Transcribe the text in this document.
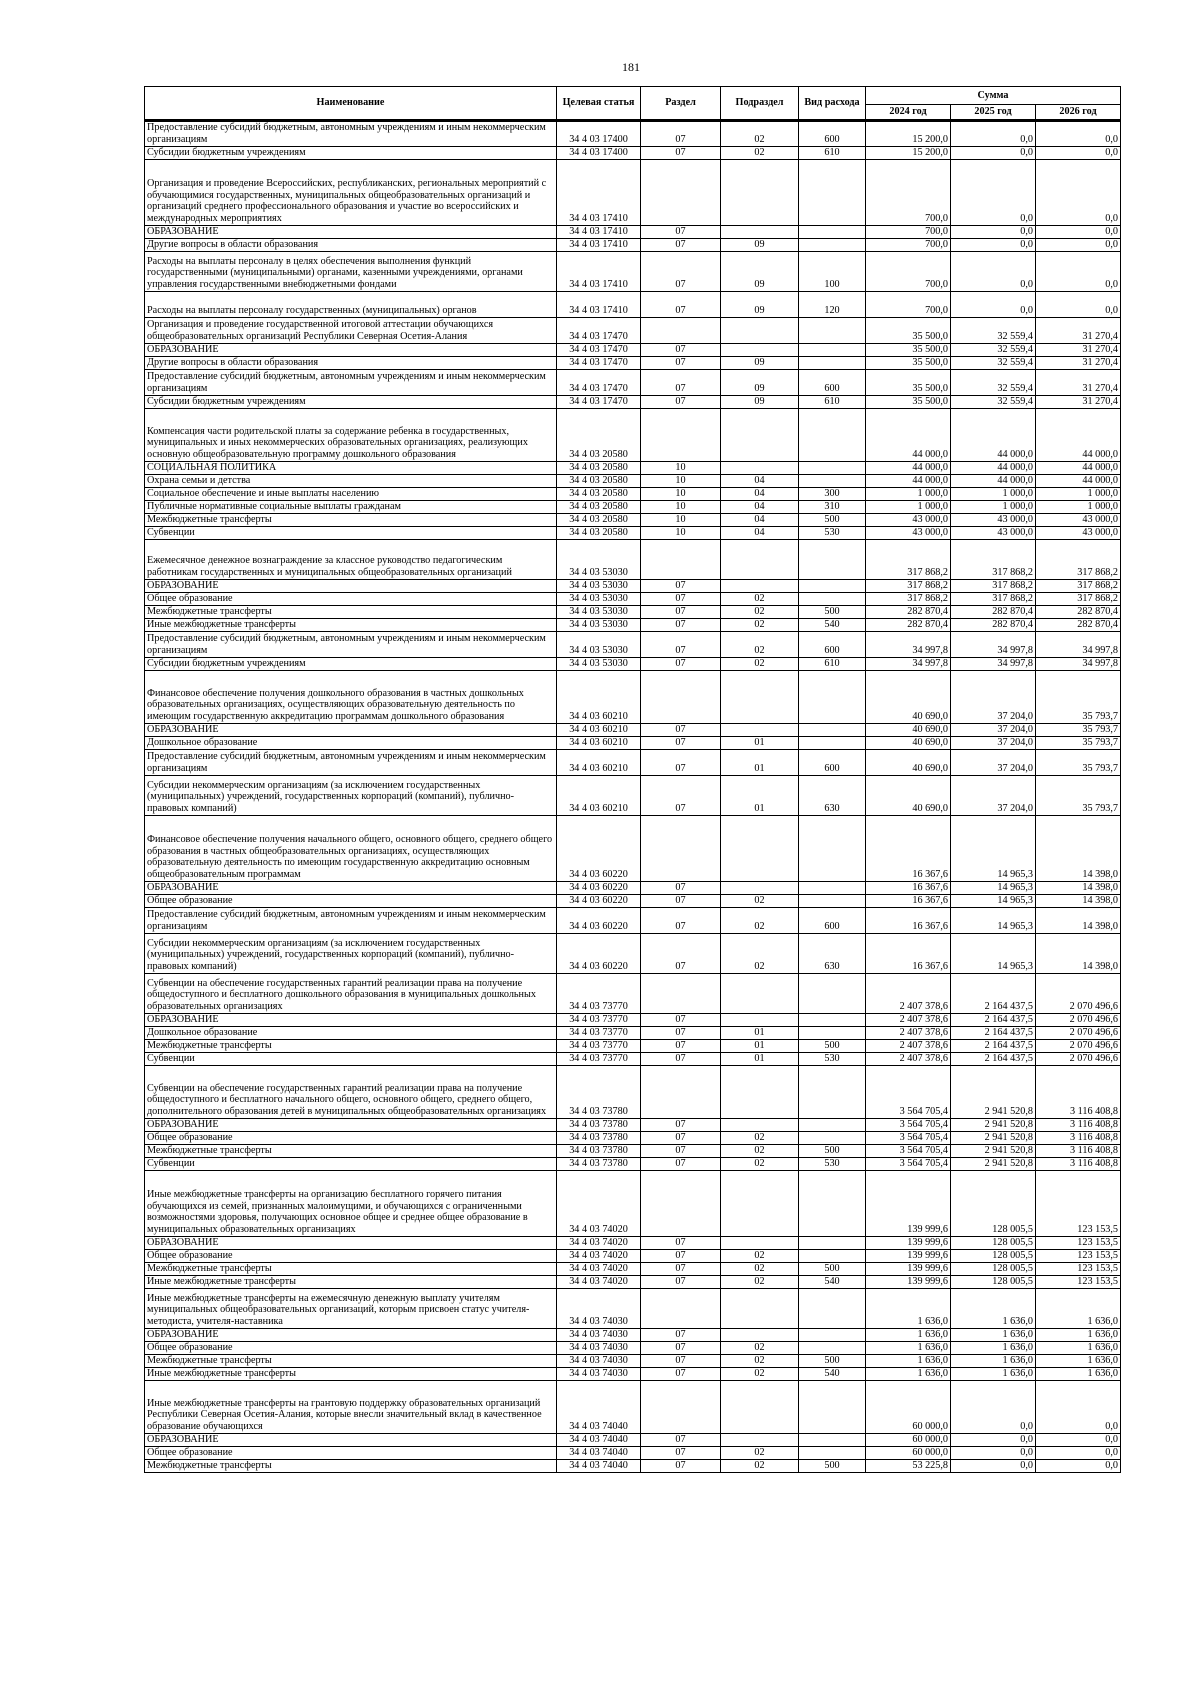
181
Наименование	Целевая статья	Раздел	Подраздел	Вид расхода	Сумма		
					2024 год	2025 год	2026 год
Предоставление субсидий бюджетным, автономным учреждениям и иным некоммерческим организациям	34 4 03 17400	07	02	600	15 200,0	0,0	0,0
Субсидии бюджетным учреждениям	34 4 03 17400	07	02	610	15 200,0	0,0	0,0
Организация и проведение Всероссийских, республиканских, региональных мероприятий с обучающимися государственных, муниципальных общеобразовательных организаций и организаций среднего профессионального образования и участие во всероссийских и международных мероприятиях	34 4 03 17410				700,0	0,0	0,0
ОБРАЗОВАНИЕ	34 4 03 17410	07			700,0	0,0	0,0
Другие вопросы в области образования	34 4 03 17410	07	09		700,0	0,0	0,0
Расходы на выплаты персоналу в целях обеспечения выполнения функций государственными (муниципальными) органами, казенными учреждениями, органами управления государственными внебюджетными фондами	34 4 03 17410	07	09	100	700,0	0,0	0,0
Расходы на выплаты персоналу государственных (муниципальных) органов	34 4 03 17410	07	09	120	700,0	0,0	0,0
Организация и проведение государственной итоговой аттестации обучающихся общеобразовательных организаций Республики Северная Осетия-Алания	34 4 03 17470				35 500,0	32 559,4	31 270,4
ОБРАЗОВАНИЕ	34 4 03 17470	07			35 500,0	32 559,4	31 270,4
Другие вопросы в области образования	34 4 03 17470	07	09		35 500,0	32 559,4	31 270,4
Предоставление субсидий бюджетным, автономным учреждениям и иным некоммерческим организациям	34 4 03 17470	07	09	600	35 500,0	32 559,4	31 270,4
Субсидии бюджетным учреждениям	34 4 03 17470	07	09	610	35 500,0	32 559,4	31 270,4
Компенсация части родительской платы за содержание ребенка в государственных, муниципальных и иных некоммерческих образовательных организациях, реализующих основную общеобразовательную программу дошкольного образования	34 4 03 20580				44 000,0	44 000,0	44 000,0
СОЦИАЛЬНАЯ ПОЛИТИКА	34 4 03 20580	10			44 000,0	44 000,0	44 000,0
Охрана семьи и детства	34 4 03 20580	10	04		44 000,0	44 000,0	44 000,0
Социальное обеспечение и иные выплаты населению	34 4 03 20580	10	04	300	1 000,0	1 000,0	1 000,0
Публичные нормативные социальные выплаты гражданам	34 4 03 20580	10	04	310	1 000,0	1 000,0	1 000,0
Межбюджетные трансферты	34 4 03 20580	10	04	500	43 000,0	43 000,0	43 000,0
Субвенции	34 4 03 20580	10	04	530	43 000,0	43 000,0	43 000,0
Ежемесячное денежное вознаграждение за классное руководство педагогическим работникам государственных и муниципальных общеобразовательных организаций	34 4 03 53030				317 868,2	317 868,2	317 868,2
ОБРАЗОВАНИЕ	34 4 03 53030	07			317 868,2	317 868,2	317 868,2
Общее образование	34 4 03 53030	07	02		317 868,2	317 868,2	317 868,2
Межбюджетные трансферты	34 4 03 53030	07	02	500	282 870,4	282 870,4	282 870,4
Иные межбюджетные трансферты	34 4 03 53030	07	02	540	282 870,4	282 870,4	282 870,4
Предоставление субсидий бюджетным, автономным учреждениям и иным некоммерческим организациям	34 4 03 53030	07	02	600	34 997,8	34 997,8	34 997,8
Субсидии бюджетным учреждениям	34 4 03 53030	07	02	610	34 997,8	34 997,8	34 997,8
Финансовое обеспечение получения дошкольного образования в частных дошкольных образовательных организациях, осуществляющих образовательную деятельность по имеющим государственную аккредитацию программам дошкольного образования	34 4 03 60210				40 690,0	37 204,0	35 793,7
ОБРАЗОВАНИЕ	34 4 03 60210	07			40 690,0	37 204,0	35 793,7
Дошкольное образование	34 4 03 60210	07	01		40 690,0	37 204,0	35 793,7
Предоставление субсидий бюджетным, автономным учреждениям и иным некоммерческим организациям	34 4 03 60210	07	01	600	40 690,0	37 204,0	35 793,7
Субсидии некоммерческим организациям (за исключением государственных (муниципальных) учреждений, государственных корпораций (компаний), публично-правовых компаний)	34 4 03 60210	07	01	630	40 690,0	37 204,0	35 793,7
Финансовое обеспечение получения начального общего, основного общего, среднего общего образования в частных общеобразовательных организациях, осуществляющих образовательную деятельность по имеющим государственную аккредитацию основным общеобразовательным программам	34 4 03 60220				16 367,6	14 965,3	14 398,0
ОБРАЗОВАНИЕ	34 4 03 60220	07			16 367,6	14 965,3	14 398,0
Общее образование	34 4 03 60220	07	02		16 367,6	14 965,3	14 398,0
Предоставление субсидий бюджетным, автономным учреждениям и иным некоммерческим организациям	34 4 03 60220	07	02	600	16 367,6	14 965,3	14 398,0
Субсидии некоммерческим организациям (за исключением государственных (муниципальных) учреждений, государственных корпораций (компаний), публично-правовых компаний)	34 4 03 60220	07	02	630	16 367,6	14 965,3	14 398,0
Субвенции на обеспечение государственных гарантий реализации права на получение общедоступного и бесплатного дошкольного образования в муниципальных дошкольных образовательных организациях	34 4 03 73770				2 407 378,6	2 164 437,5	2 070 496,6
ОБРАЗОВАНИЕ	34 4 03 73770	07			2 407 378,6	2 164 437,5	2 070 496,6
Дошкольное образование	34 4 03 73770	07	01		2 407 378,6	2 164 437,5	2 070 496,6
Межбюджетные трансферты	34 4 03 73770	07	01	500	2 407 378,6	2 164 437,5	2 070 496,6
Субвенции	34 4 03 73770	07	01	530	2 407 378,6	2 164 437,5	2 070 496,6
Субвенции на обеспечение государственных гарантий реализации права на получение общедоступного и бесплатного начального общего, основного общего, среднего общего, дополнительного образования детей в муниципальных общеобразовательных организациях	34 4 03 73780				3 564 705,4	2 941 520,8	3 116 408,8
ОБРАЗОВАНИЕ	34 4 03 73780	07			3 564 705,4	2 941 520,8	3 116 408,8
Общее образование	34 4 03 73780	07	02		3 564 705,4	2 941 520,8	3 116 408,8
Межбюджетные трансферты	34 4 03 73780	07	02	500	3 564 705,4	2 941 520,8	3 116 408,8
Субвенции	34 4 03 73780	07	02	530	3 564 705,4	2 941 520,8	3 116 408,8
Иные межбюджетные трансферты на организацию бесплатного горячего питания обучающихся из семей, признанных малоимущими, и обучающихся с ограниченными возможностями здоровья, получающих основное общее и среднее общее образование в муниципальных образовательных организациях	34 4 03 74020				139 999,6	128 005,5	123 153,5
ОБРАЗОВАНИЕ	34 4 03 74020	07			139 999,6	128 005,5	123 153,5
Общее образование	34 4 03 74020	07	02		139 999,6	128 005,5	123 153,5
Межбюджетные трансферты	34 4 03 74020	07	02	500	139 999,6	128 005,5	123 153,5
Иные межбюджетные трансферты	34 4 03 74020	07	02	540	139 999,6	128 005,5	123 153,5
Иные межбюджетные трансферты на ежемесячную денежную выплату учителям муниципальных общеобразовательных организаций, которым присвоен статус учителя-методиста, учителя-наставника	34 4 03 74030				1 636,0	1 636,0	1 636,0
ОБРАЗОВАНИЕ	34 4 03 74030	07			1 636,0	1 636,0	1 636,0
Общее образование	34 4 03 74030	07	02		1 636,0	1 636,0	1 636,0
Межбюджетные трансферты	34 4 03 74030	07	02	500	1 636,0	1 636,0	1 636,0
Иные межбюджетные трансферты	34 4 03 74030	07	02	540	1 636,0	1 636,0	1 636,0
Иные межбюджетные трансферты на грантовую поддержку образовательных организаций Республики Северная Осетия-Алания, которые внесли значительный вклад в качественное образование обучающихся	34 4 03 74040				60 000,0	0,0	0,0
ОБРАЗОВАНИЕ	34 4 03 74040	07			60 000,0	0,0	0,0
Общее образование	34 4 03 74040	07	02		60 000,0	0,0	0,0
Межбюджетные трансферты	34 4 03 74040	07	02	500	53 225,8	0,0	0,0
